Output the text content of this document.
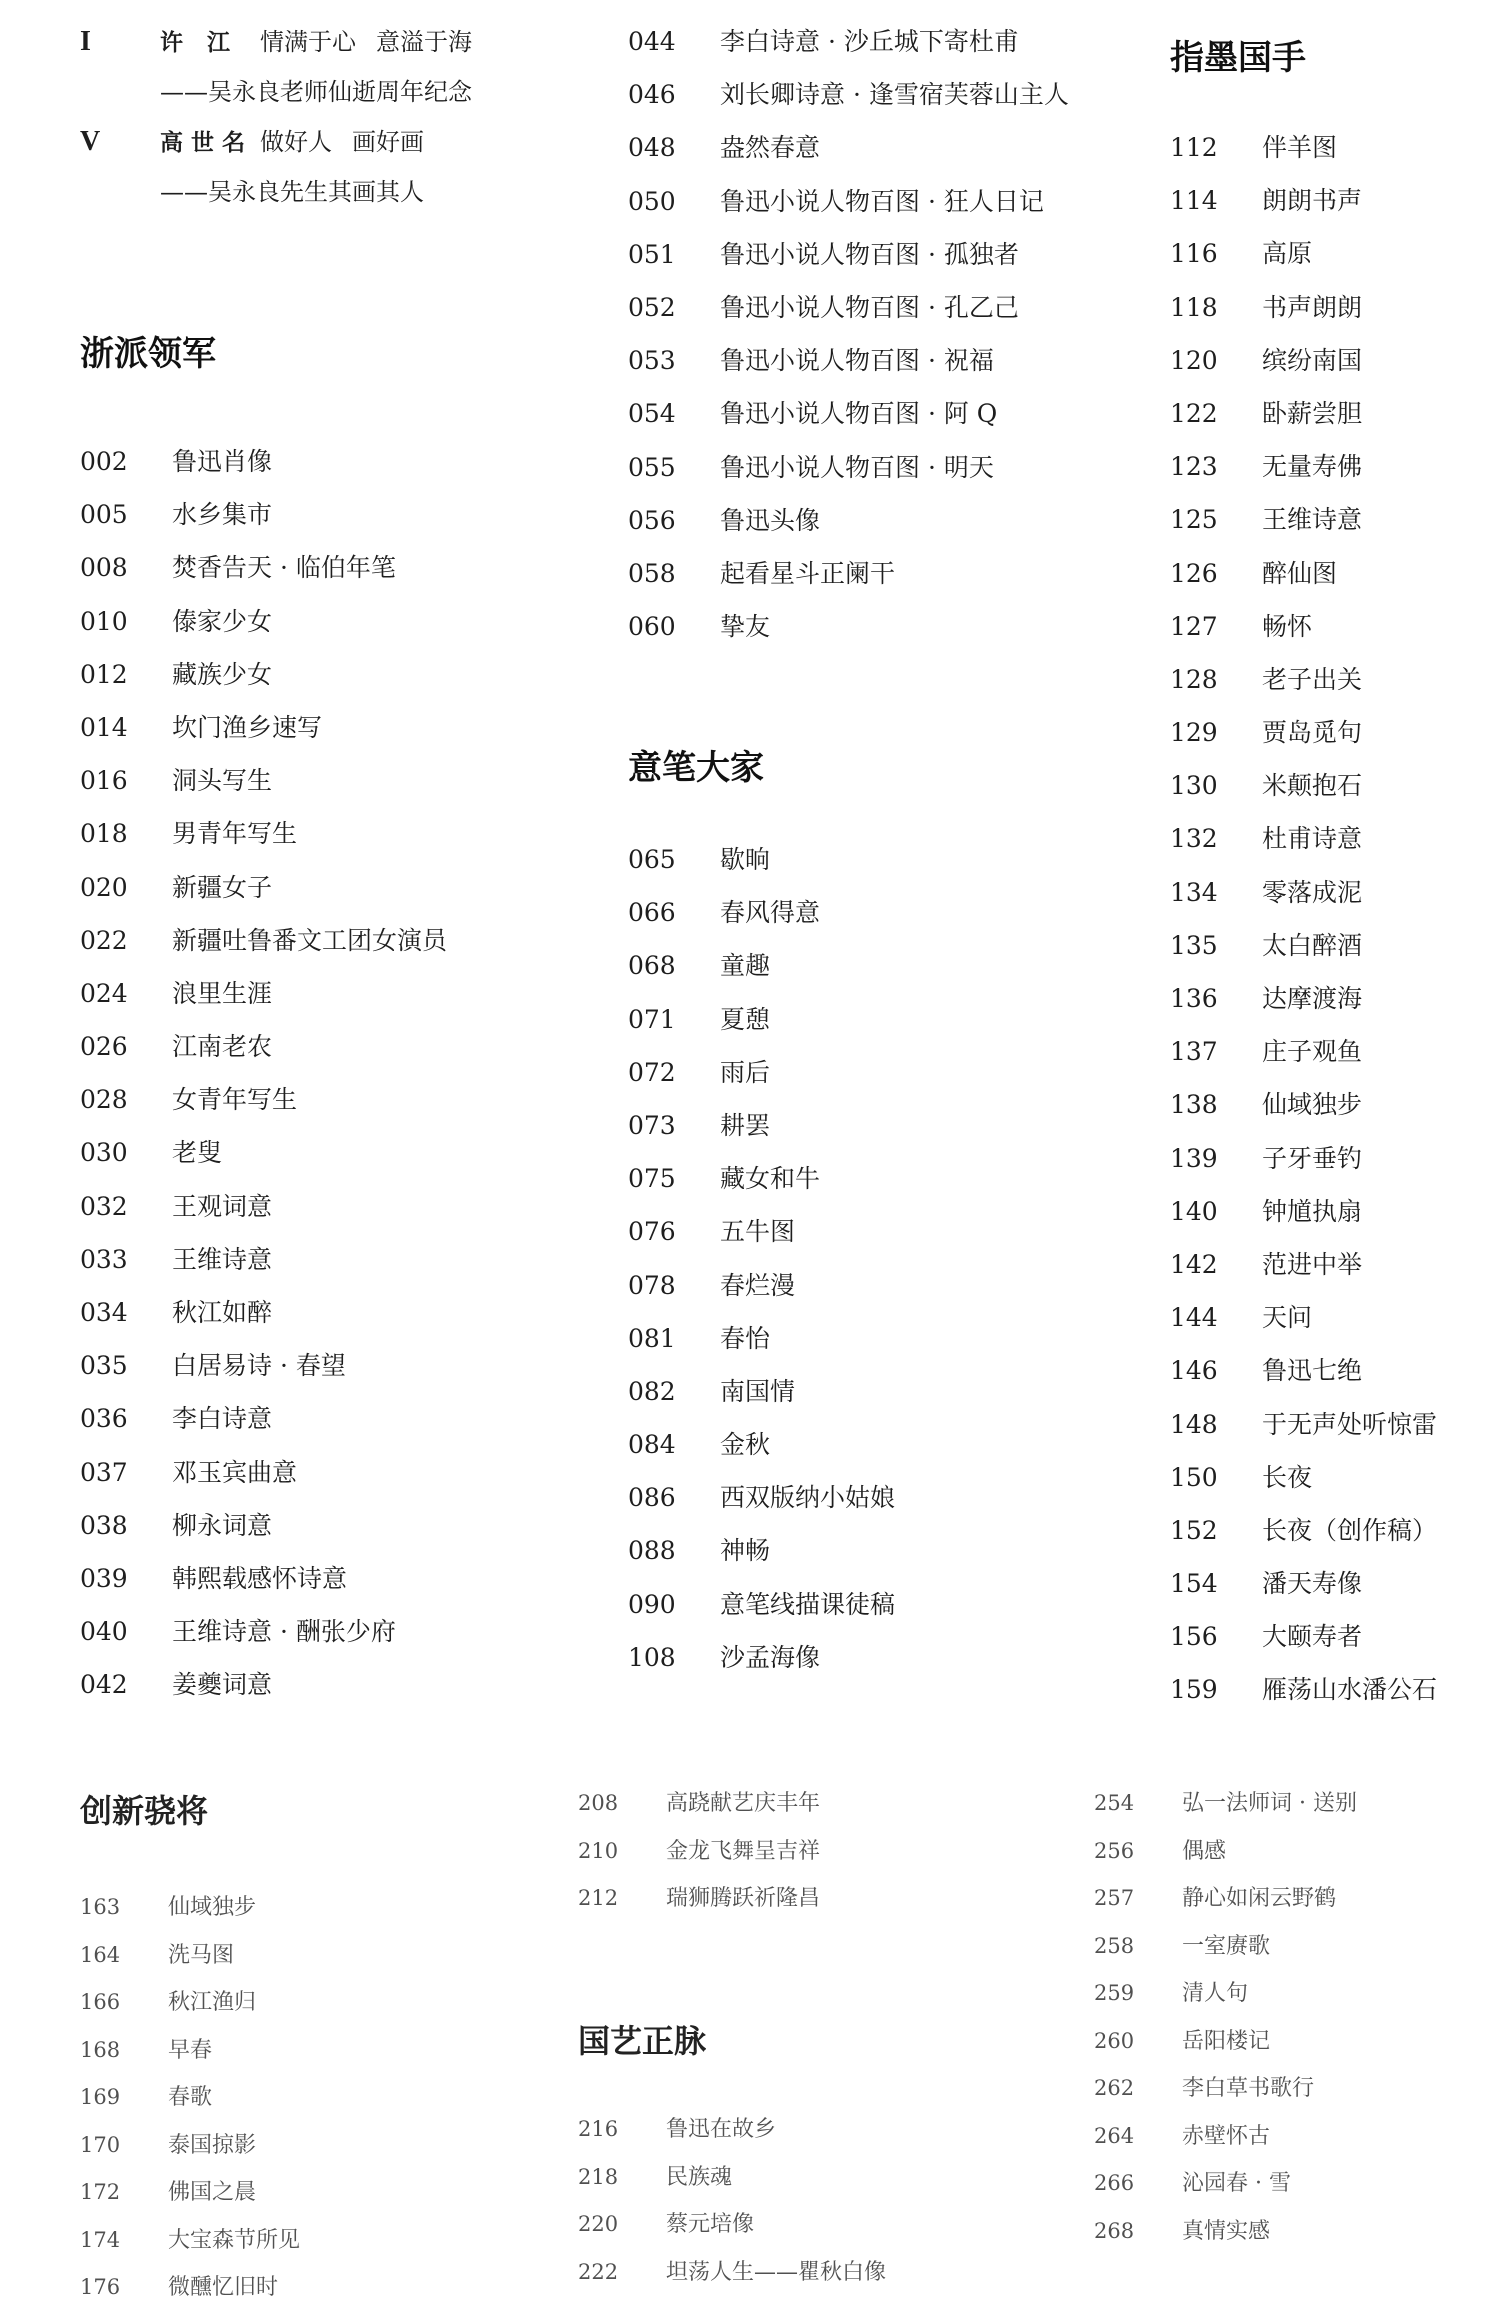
I	许 江 情满于心 意溢于海
——吴永良老师仙逝周年纪念
V	高世名 做好人 画好画
——吴永良先生其画其人
浙派领军
002	鲁迅肖像
005	水乡集市
008	焚香告天 · 临伯年笔
010	傣家少女
012	藏族少女
014	坎门渔乡速写
016	洞头写生
018	男青年写生
020	新疆女子
022	新疆吐鲁番文工团女演员
024	浪里生涯
026	江南老农
028	女青年写生
030	老叟
032	王观词意
033	王维诗意
034	秋江如醉
035	白居易诗 · 春望
036	李白诗意
037	邓玉宾曲意
038	柳永词意
039	韩熙载感怀诗意
040	王维诗意 · 酬张少府
042	姜夔词意
044	李白诗意 · 沙丘城下寄杜甫
046	刘长卿诗意 · 逢雪宿芙蓉山主人
048	盎然春意
050	鲁迅小说人物百图 · 狂人日记
051	鲁迅小说人物百图 · 孤独者
052	鲁迅小说人物百图 · 孔乙己
053	鲁迅小说人物百图 · 祝福
054	鲁迅小说人物百图 · 阿 Q
055	鲁迅小说人物百图 · 明天
056	鲁迅头像
058	起看星斗正阑干
060	挚友
意笔大家
065	歇晌
066	春风得意
068	童趣
071	夏憩
072	雨后
073	耕罢
075	藏女和牛
076	五牛图
078	春烂漫
081	春怡
082	南国情
084	金秋
086	西双版纳小姑娘
088	神畅
090	意笔线描课徒稿
108	沙孟海像
指墨国手
112	伴羊图
114	朗朗书声
116	高原
118	书声朗朗
120	缤纷南国
122	卧薪尝胆
123	无量寿佛
125	王维诗意
126	醉仙图
127	畅怀
128	老子出关
129	贾岛觅句
130	米颠抱石
132	杜甫诗意
134	零落成泥
135	太白醉酒
136	达摩渡海
137	庄子观鱼
138	仙域独步
139	子牙垂钓
140	钟馗执扇
142	范进中举
144	天问
146	鲁迅七绝
148	于无声处听惊雷
150	长夜
152	长夜（创作稿）
154	潘天寿像
156	大颐寿者
159	雁荡山水潘公石
创新骁将
163	仙域独步
164	洗马图
166	秋江渔归
168	早春
169	春歌
170	泰国掠影
172	佛国之晨
174	大宝森节所见
176	微醺忆旧时
208	高跷献艺庆丰年
210	金龙飞舞呈吉祥
212	瑞狮腾跃祈隆昌
国艺正脉
216	鲁迅在故乡
218	民族魂
220	蔡元培像
222	坦荡人生——瞿秋白像
254	弘一法师词 · 送别
256	偶感
257	静心如闲云野鹤
258	一室赓歌
259	清人句
260	岳阳楼记
262	李白草书歌行
264	赤壁怀古
266	沁园春 · 雪
268	真情实感
